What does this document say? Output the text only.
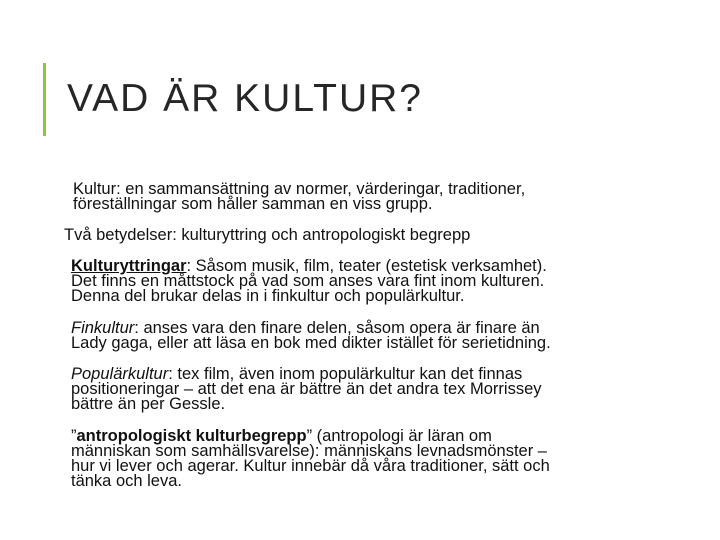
VAD ÄR KULTUR?

Kultur: en sammansättning av normer, värderingar, traditioner,
föreställningar som håller samman en viss grupp.

Två betydelser: kulturyttring och antropologiskt begrepp

Kulturyttringar: Såsom musik, film, teater (estetisk verksamhet).
Det finns en måttstock på vad som anses vara fint inom kulturen.
Denna del brukar delas in i finkultur och populärkultur.

Finkultur: anses vara den finare delen, såsom opera är finare än
Lady gaga, eller att läsa en bok med dikter istället för serietidning.

Populärkultur: tex film, även inom populärkultur kan det finnas
positioneringar – att det ena är bättre än det andra tex Morrissey
bättre än per Gessle.

”antropologiskt kulturbegrepp” (antropologi är läran om
människan som samhällsvarelse): människans levnadsmönster –
hur vi lever och agerar. Kultur innebär då våra traditioner, sätt och
tänka och leva.
